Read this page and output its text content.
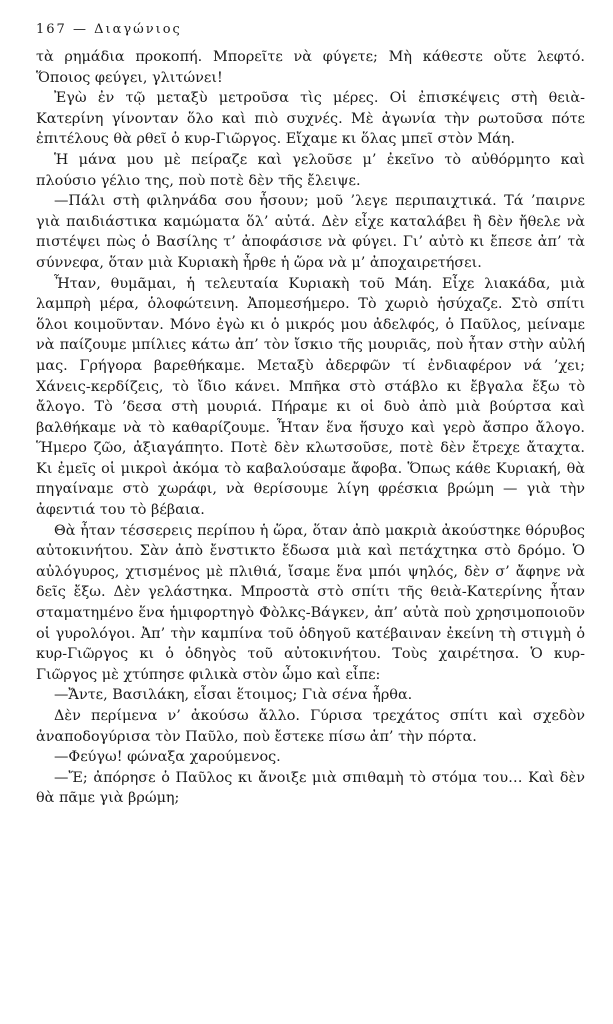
167 — Διαγώνιος

τὰ ρημάδια προκοπή. Μπορεῖτε νὰ φύγετε; Μὴ κάθεστε οὔτε λεφτό. Ὅποιος φεύγει, γλιτώνει!

Ἐγὼ ἐν τῷ μεταξὺ μετροῦσα τὶς μέρες. Οἱ ἐπισκέψεις στὴ θειὰ-Κατερίνη γίνονταν ὅλο καὶ πιὸ συχνές. Μὲ ἀγωνία τὴν ρωτοῦσα πότε ἐπιτέλους θὰ ρθεῖ ὁ κυρ-Γιῶργος. Εἴχαμε κι ὅλας μπεῖ στὸν Μάη.

Ἡ μάνα μου μὲ πείραζε καὶ γελοῦσε μ’ ἐκεῖνο τὸ αὐθόρμητο καὶ πλούσιο γέλιο της, ποὺ ποτὲ δὲν τῆς ἔλειψε.

—Πάλι στὴ φιληνάδα σου ἦσουν; μοῦ ’λεγε περιπαιχτικά. Τά ’παιρνε γιὰ παιδιάστικα καμώματα ὅλ’ αὐτά. Δὲν εἶχε καταλάβει ἢ δὲν ἤθελε νὰ πιστέψει πὼς ὁ Βασίλης τ’ ἀποφάσισε νὰ φύγει. Γι’ αὐτὸ κι ἔπεσε ἀπ’ τὰ σύννεφα, ὅταν μιὰ Κυριακὴ ἦρθε ἡ ὥρα νὰ μ’ ἀποχαιρετήσει.

Ἦταν, θυμᾶμαι, ἡ τελευταία Κυριακὴ τοῦ Μάη. Εἶχε λιακάδα, μιὰ λαμπρὴ μέρα, ὁλοφώτεινη. Ἀπομεσήμερο. Τὸ χωριὸ ἡσύχαζε. Στὸ σπίτι ὅλοι κοιμοῦνταν. Μόνο ἐγὼ κι ὁ μικρός μου ἀδελφός, ὁ Παῦλος, μείναμε νὰ παίζουμε μπίλιες κάτω ἀπ’ τὸν ἴσκιο τῆς μουριᾶς, ποὺ ἦταν στὴν αὐλή μας. Γρήγορα βαρεθήκαμε. Μεταξὺ ἀδερφῶν τί ἐνδιαφέρον νά ’χει; Χάνεις-κερδίζεις, τὸ ἴδιο κάνει. Μπῆκα στὸ στάβλο κι ἔβγαλα ἔξω τὸ ἄλογο. Τὸ ’δεσα στὴ μουριά. Πήραμε κι οἱ δυὸ ἀπὸ μιὰ βούρτσα καὶ βαλθήκαμε νὰ τὸ καθαρίζουμε. Ἦταν ἕνα ἥσυχο καὶ γερὸ ἄσπρο ἄλογο. Ἥμερο ζῶο, ἀξιαγάπητο. Ποτὲ δὲν κλωτσοῦσε, ποτὲ δὲν ἔτρεχε ἄταχτα. Κι ἐμεῖς οἱ μικροὶ ἀκόμα τὸ καβαλούσαμε ἄφοβα. Ὅπως κάθε Κυριακή, θὰ πηγαίναμε στὸ χωράφι, νὰ θερίσουμε λίγη φρέσκια βρώμη — γιὰ τὴν ἀφεντιά του τὸ βέβαια.

Θὰ ἦταν τέσσερεις περίπου ἡ ὥρα, ὅταν ἀπὸ μακριὰ ἀκούστηκε θόρυβος αὐτοκινήτου. Σὰν ἀπὸ ἔνστικτο ἔδωσα μιὰ καὶ πετάχτηκα στὸ δρόμο. Ὁ αὐλόγυρος, χτισμένος μὲ πλιθιά, ἴσαμε ἕνα μπόι ψηλός, δὲν σ’ ἄφηνε νὰ δεῖς ἔξω. Δὲν γελάστηκα. Μπροστὰ στὸ σπίτι τῆς θειὰ-Κατερίνης ἦταν σταματημένο ἕνα ἡμιφορτηγὸ Φὸλκς-Βάγκεν, ἀπ’ αὐτὰ ποὺ χρησιμοποιοῦν οἱ γυρολόγοι. Ἀπ’ τὴν καμπίνα τοῦ ὁδηγοῦ κατέβαιναν ἐκείνη τὴ στιγμὴ ὁ κυρ-Γιῶργος κι ὁ ὁδηγὸς τοῦ αὐτοκινήτου. Τοὺς χαιρέτησα. Ὁ κυρ-Γιῶργος μὲ χτύπησε φιλικὰ στὸν ὦμο καὶ εἶπε:

—Ἄντε, Βασιλάκη, εἶσαι ἕτοιμος; Γιὰ σένα ἦρθα.

Δὲν περίμενα ν’ ἀκούσω ἄλλο. Γύρισα τρεχάτος σπίτι καὶ σχεδὸν ἀναποδογύρισα τὸν Παῦλο, ποὺ ἔστεκε πίσω ἀπ’ τὴν πόρτα.

—Φεύγω! φώναξα χαρούμενος.

—Ἔ; ἀπόρησε ὁ Παῦλος κι ἄνοιξε μιὰ σπιθαμὴ τὸ στόμα του… Καὶ δὲν θὰ πᾶμε γιὰ βρώμη;
